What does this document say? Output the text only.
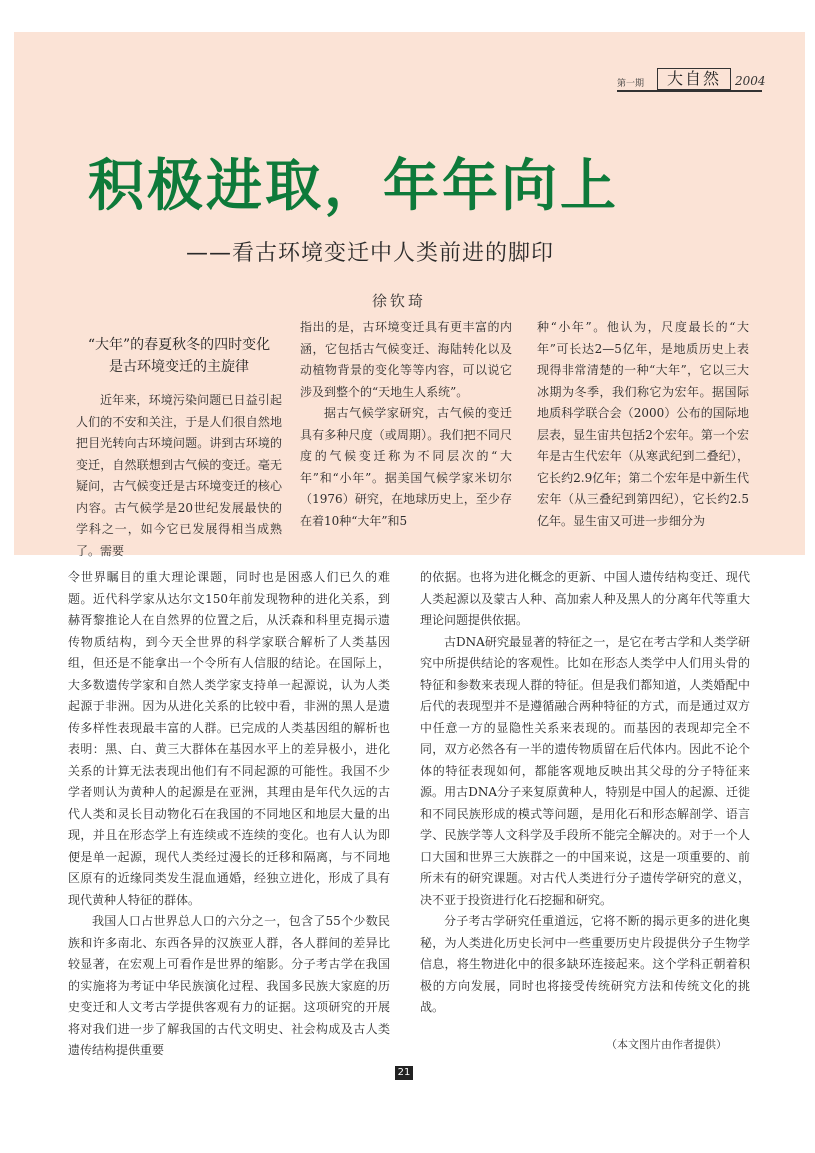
第一期	大自然	2004
积极进取，年年向上
——看古环境变迁中人类前进的脚印
徐钦琦
“大年”的春夏秋冬的四时变化
是古环境变迁的主旋律

近年来，环境污染问题已日益引起人们的不安和关注，于是人们很自然地把目光转向古环境问题。讲到古环境的变迁，自然联想到古气候的变迁。毫无疑问，古气候变迁是古环境变迁的核心内容。古气候学是20世纪发展最快的学科之一，如今它已发展得相当成熟了。需要

指出的是，古环境变迁具有更丰富的内涵，它包括古气候变迁、海陆转化以及动植物背景的变化等等内容，可以说它涉及到整个的“天地生人系统”。

据古气候学家研究，古气候的变迁具有多种尺度（或周期）。我们把不同尺度的气候变迁称为不同层次的“大年”和“小年”。据美国气候学家米切尔（1976）研究，在地球历史上，至少存在着10种“大年”和5

种“小年”。他认为，尺度最长的“大年”可长达2—5亿年，是地质历史上表现得非常清楚的一种“大年”，它以三大冰期为冬季，我们称它为宏年。据国际地质科学联合会（2000）公布的国际地层表，显生宙共包括2个宏年。第一个宏年是古生代宏年（从寒武纪到二叠纪），它长约2.9亿年；第二个宏年是中新生代宏年（从三叠纪到第四纪），它长约2.5亿年。显生宙又可进一步细分为

令世界瞩目的重大理论课题，同时也是困惑人们已久的难题。近代科学家从达尔文150年前发现物种的进化关系，到赫胥黎推论人在自然界的位置之后，从沃森和科里克揭示遗传物质结构，到今天全世界的科学家联合解析了人类基因组，但还是不能拿出一个令所有人信服的结论。在国际上，大多数遗传学家和自然人类学家支持单一起源说，认为人类起源于非洲。因为从进化关系的比较中看，非洲的黑人是遗传多样性表现最丰富的人群。已完成的人类基因组的解析也表明：黑、白、黄三大群体在基因水平上的差异极小，进化关系的计算无法表现出他们有不同起源的可能性。我国不少学者则认为黄种人的起源是在亚洲，其理由是年代久远的古代人类和灵长目动物化石在我国的不同地区和地层大量的出现，并且在形态学上有连续或不连续的变化。也有人认为即便是单一起源，现代人类经过漫长的迁移和隔离，与不同地区原有的近缘同类发生混血通婚，经独立进化，形成了具有现代黄种人特征的群体。

我国人口占世界总人口的六分之一，包含了55个少数民族和许多南北、东西各异的汉族亚人群，各人群间的差异比较显著，在宏观上可看作是世界的缩影。分子考古学在我国的实施将为考证中华民族演化过程、我国多民族大家庭的历史变迁和人文考古学提供客观有力的证据。这项研究的开展将对我们进一步了解我国的古代文明史、社会构成及古人类遗传结构提供重要

的依据。也将为进化概念的更新、中国人遗传结构变迁、现代人类起源以及蒙古人种、高加索人种及黑人的分离年代等重大理论问题提供依据。

古DNA研究最显著的特征之一，是它在考古学和人类学研究中所提供结论的客观性。比如在形态人类学中人们用头骨的特征和参数来表现人群的特征。但是我们都知道，人类婚配中后代的表现型并不是遵循融合两种特征的方式，而是通过双方中任意一方的显隐性关系来表现的。而基因的表现却完全不同，双方必然各有一半的遗传物质留在后代体内。因此不论个体的特征表现如何，都能客观地反映出其父母的分子特征来源。用古DNA分子来复原黄种人，特别是中国人的起源、迁徙和不同民族形成的模式等问题，是用化石和形态解剖学、语言学、民族学等人文科学及手段所不能完全解决的。对于一个人口大国和世界三大族群之一的中国来说，这是一项重要的、前所未有的研究课题。对古代人类进行分子遗传学研究的意义，决不亚于投资进行化石挖掘和研究。

分子考古学研究任重道远，它将不断的揭示更多的进化奥秘，为人类进化历史长河中一些重要历史片段提供分子生物学信息，将生物进化中的很多缺环连接起来。这个学科正朝着积极的方向发展，同时也将接受传统研究方法和传统文化的挑战。

（本文图片由作者提供）
21
